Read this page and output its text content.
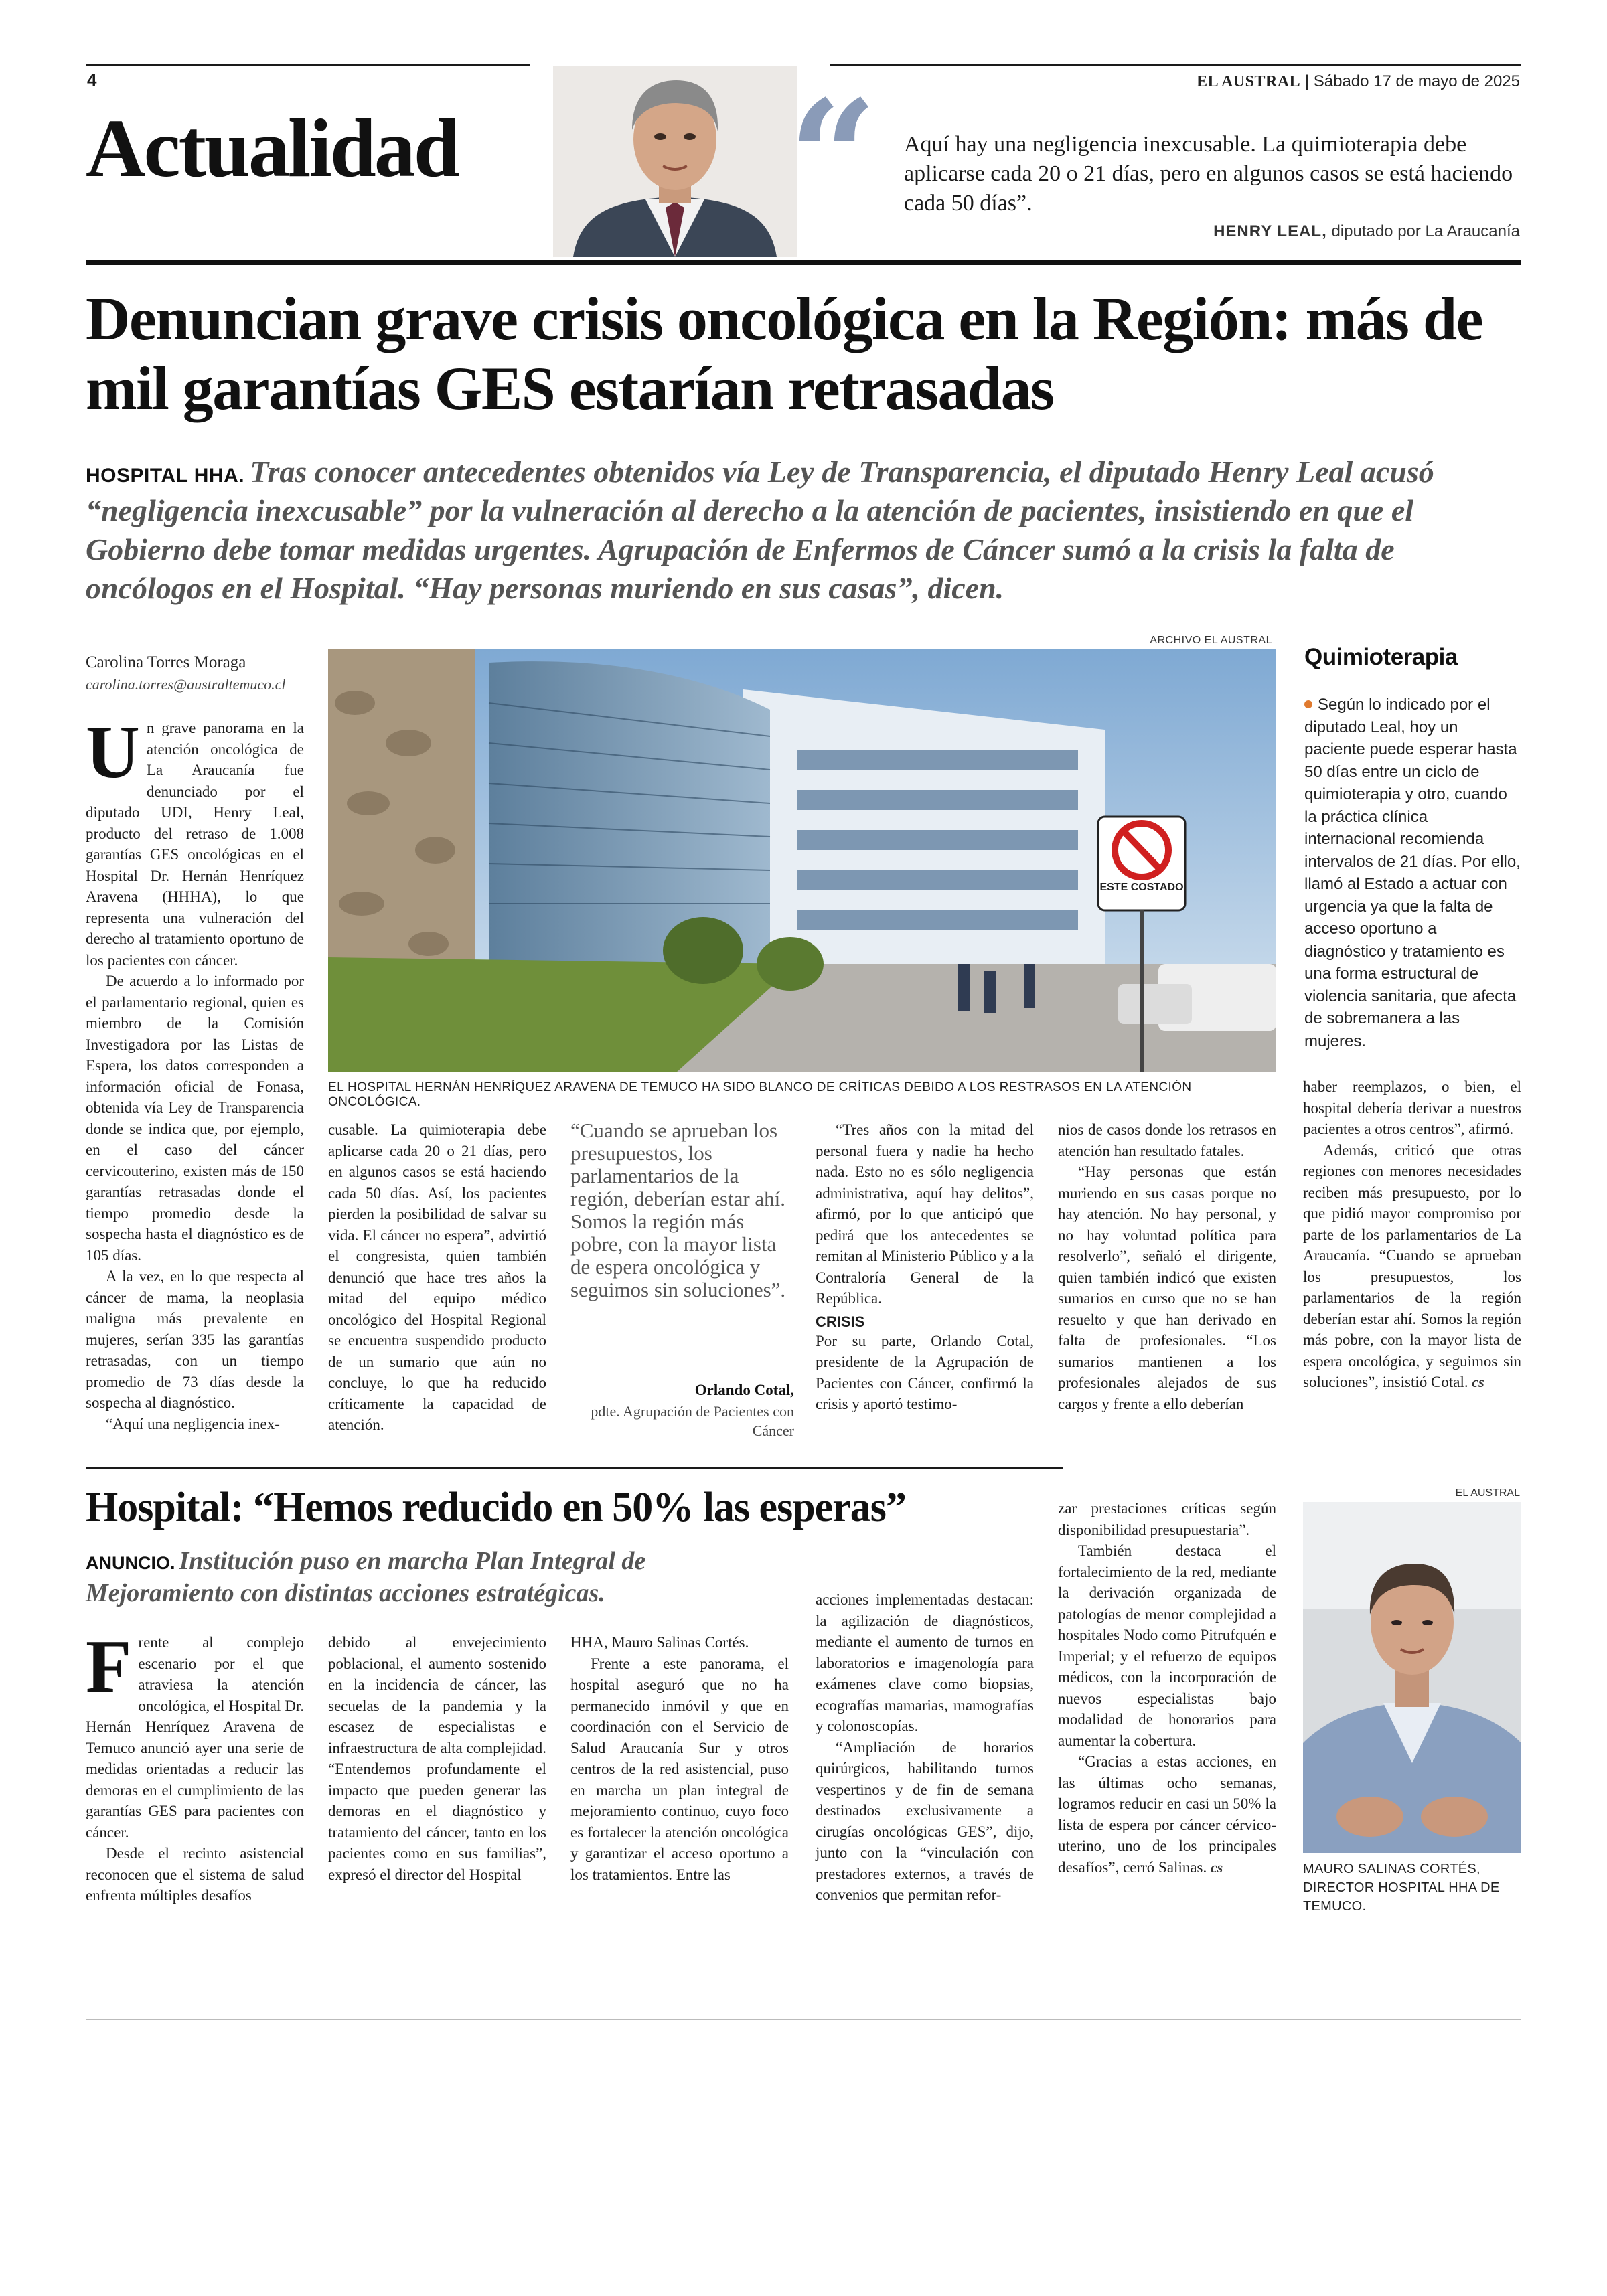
4	EL AUSTRAL | Sábado 17 de mayo de 2025
Actualidad “ Aquí hay una negligencia inexcusable. La quimioterapia debe aplicarse cada 20 o 21 días, pero en algunos casos se está haciendo cada 50 días”.
HENRY LEAL, diputado por La Araucanía
Denuncian grave crisis oncológica en la Región: más de mil garantías GES estarían retrasadas
HOSPITAL HHA. Tras conocer antecedentes obtenidos vía Ley de Transparencia, el diputado Henry Leal acusó “negligencia inexcusable” por la vulneración al derecho a la atención de pacientes, insistiendo en que el Gobierno debe tomar medidas urgentes. Agrupación de Enfermos de Cáncer sumó a la crisis la falta de oncólogos en el Hospital. “Hay personas muriendo en sus casas”, dicen.
Carolina Torres Moraga
carolina.torres@australtemuco.cl

Un grave panorama en la atención oncológica de La Araucanía fue denunciado por el diputado UDI, Henry Leal, producto del retraso de 1.008 garantías GES oncológicas en el Hospital Dr. Hernán Henríquez Aravena (HHHA), lo que representa una vulneración del derecho al tratamiento oportuno de los pacientes con cáncer.

De acuerdo a lo informado por el parlamentario regional, quien es miembro de la Comisión Investigadora por las Listas de Espera, los datos corresponden a información oficial de Fonasa, obtenida vía Ley de Transparencia donde se indica que, por ejemplo, en el caso del cáncer cervicouterino, existen más de 150 garantías retrasadas donde el tiempo promedio desde la sospecha hasta el diagnóstico es de 105 días.

A la vez, en lo que respecta al cáncer de mama, la neoplasia maligna más prevalente en mujeres, serían 335 las garantías retrasadas, con un tiempo promedio de 73 días desde la sospecha al diagnóstico.

“Aquí una negligencia inex-

ARCHIVO EL AUSTRAL
ESTE COSTADO
EL HOSPITAL HERNÁN HENRÍQUEZ ARAVENA DE TEMUCO HA SIDO BLANCO DE CRÍTICAS DEBIDO A LOS RESTRASOS EN LA ATENCIÓN ONCOLÓGICA.
Quimioterapia
Según lo indicado por el diputado Leal, hoy un paciente puede esperar hasta 50 días entre un ciclo de quimioterapia y otro, cuando la práctica clínica internacional recomienda intervalos de 21 días. Por ello, llamó al Estado a actuar con urgencia ya que la falta de acceso oportuno a diagnóstico y tratamiento es una forma estructural de violencia sanitaria, que afecta de sobremanera a las mujeres.

cusable. La quimioterapia debe aplicarse cada 20 o 21 días, pero en algunos casos se está haciendo cada 50 días. Así, los pacientes pierden la posibilidad de salvar su vida. El cáncer no espera”, advirtió el congresista, quien también denunció que hace tres años la mitad del equipo médico oncológico del Hospital Regional se encuentra suspendido producto de un sumario que aún no concluye, lo que ha reducido críticamente la capacidad de atención.

“Cuando se aprueban los presupuestos, los parlamentarios de la región, deberían estar ahí. Somos la región más pobre, con la mayor lista de espera oncológica y seguimos sin soluciones”.
Orlando Cotal,
pdte. Agrupación de Pacientes con Cáncer

“Tres años con la mitad del personal fuera y nadie ha hecho nada. Esto no es sólo negligencia administrativa, aquí hay delitos”, afirmó, por lo que anticipó que pedirá que los antecedentes se remitan al Ministerio Público y a la Contraloría General de la República.

CRISIS

Por su parte, Orlando Cotal, presidente de la Agrupación de Pacientes con Cáncer, confirmó la crisis y aportó testimo-

nios de casos donde los retrasos en atención han resultado fatales.

“Hay personas que están muriendo en sus casas porque no hay atención. No hay personal, y no hay voluntad política para resolverlo”, señaló el dirigente, quien también indicó que existen sumarios en curso que no se han resuelto y que han derivado en falta de profesionales. “Los sumarios mantienen a los profesionales alejados de sus cargos y frente a ello deberían

haber reemplazos, o bien, el hospital debería derivar a nuestros pacientes a otros centros”, afirmó.

Además, criticó que otras regiones con menores necesidades reciben más presupuesto, por lo que pidió mayor compromiso por parte de los parlamentarios de La Araucanía. “Cuando se aprueban los presupuestos, los parlamentarios de la región deberían estar ahí. Somos la región más pobre, con la mayor lista de espera oncológica, y seguimos sin soluciones”, insistió Cotal. cs

Hospital: “Hemos reducido en 50% las esperas”
ANUNCIO. Institución puso en marcha Plan Integral de Mejoramiento con distintas acciones estratégicas.

Frente al complejo escenario por el que atraviesa la atención oncológica, el Hospital Dr. Hernán Henríquez Aravena de Temuco anunció ayer una serie de medidas orientadas a reducir las demoras en el cumplimiento de las garantías GES para pacientes con cáncer.

Desde el recinto asistencial reconocen que el sistema de salud enfrenta múltiples desafíos

debido al envejecimiento poblacional, el aumento sostenido en la incidencia de cáncer, las secuelas de la pandemia y la escasez de especialistas e infraestructura de alta complejidad. “Entendemos profundamente el impacto que pueden generar las demoras en el diagnóstico y tratamiento del cáncer, tanto en los pacientes como en sus familias”, expresó el director del Hospital

HHA, Mauro Salinas Cortés.

Frente a este panorama, el hospital aseguró que no ha permanecido inmóvil y que en coordinación con el Servicio de Salud Araucanía Sur y otros centros de la red asistencial, puso en marcha un plan integral de mejoramiento continuo, cuyo foco es fortalecer la atención oncológica y garantizar el acceso oportuno a los tratamientos. Entre las

acciones implementadas destacan: la agilización de diagnósticos, mediante el aumento de turnos en laboratorios e imagenología para exámenes clave como biopsias, ecografías mamarias, mamografías y colonoscopías.

“Ampliación de horarios quirúrgicos, habilitando turnos vespertinos y de fin de semana destinados exclusivamente a cirugías oncológicas GES”, dijo, junto con la “vinculación con prestadores externos, a través de convenios que permitan refor-

zar prestaciones críticas según disponibilidad presupuestaria”.

También destaca el fortalecimiento de la red, mediante la derivación organizada de patologías de menor complejidad a hospitales Nodo como Pitrufquén e Imperial; y el refuerzo de equipos médicos, con la incorporación de nuevos especialistas bajo modalidad de honorarios para aumentar la cobertura.

“Gracias a estas acciones, en las últimas ocho semanas, logramos reducir en casi un 50% la lista de espera por cáncer cérvico-uterino, uno de los principales desafíos”, cerró Salinas. cs

EL AUSTRAL
MAURO SALINAS CORTÉS, DIRECTOR HOSPITAL HHA DE TEMUCO.
